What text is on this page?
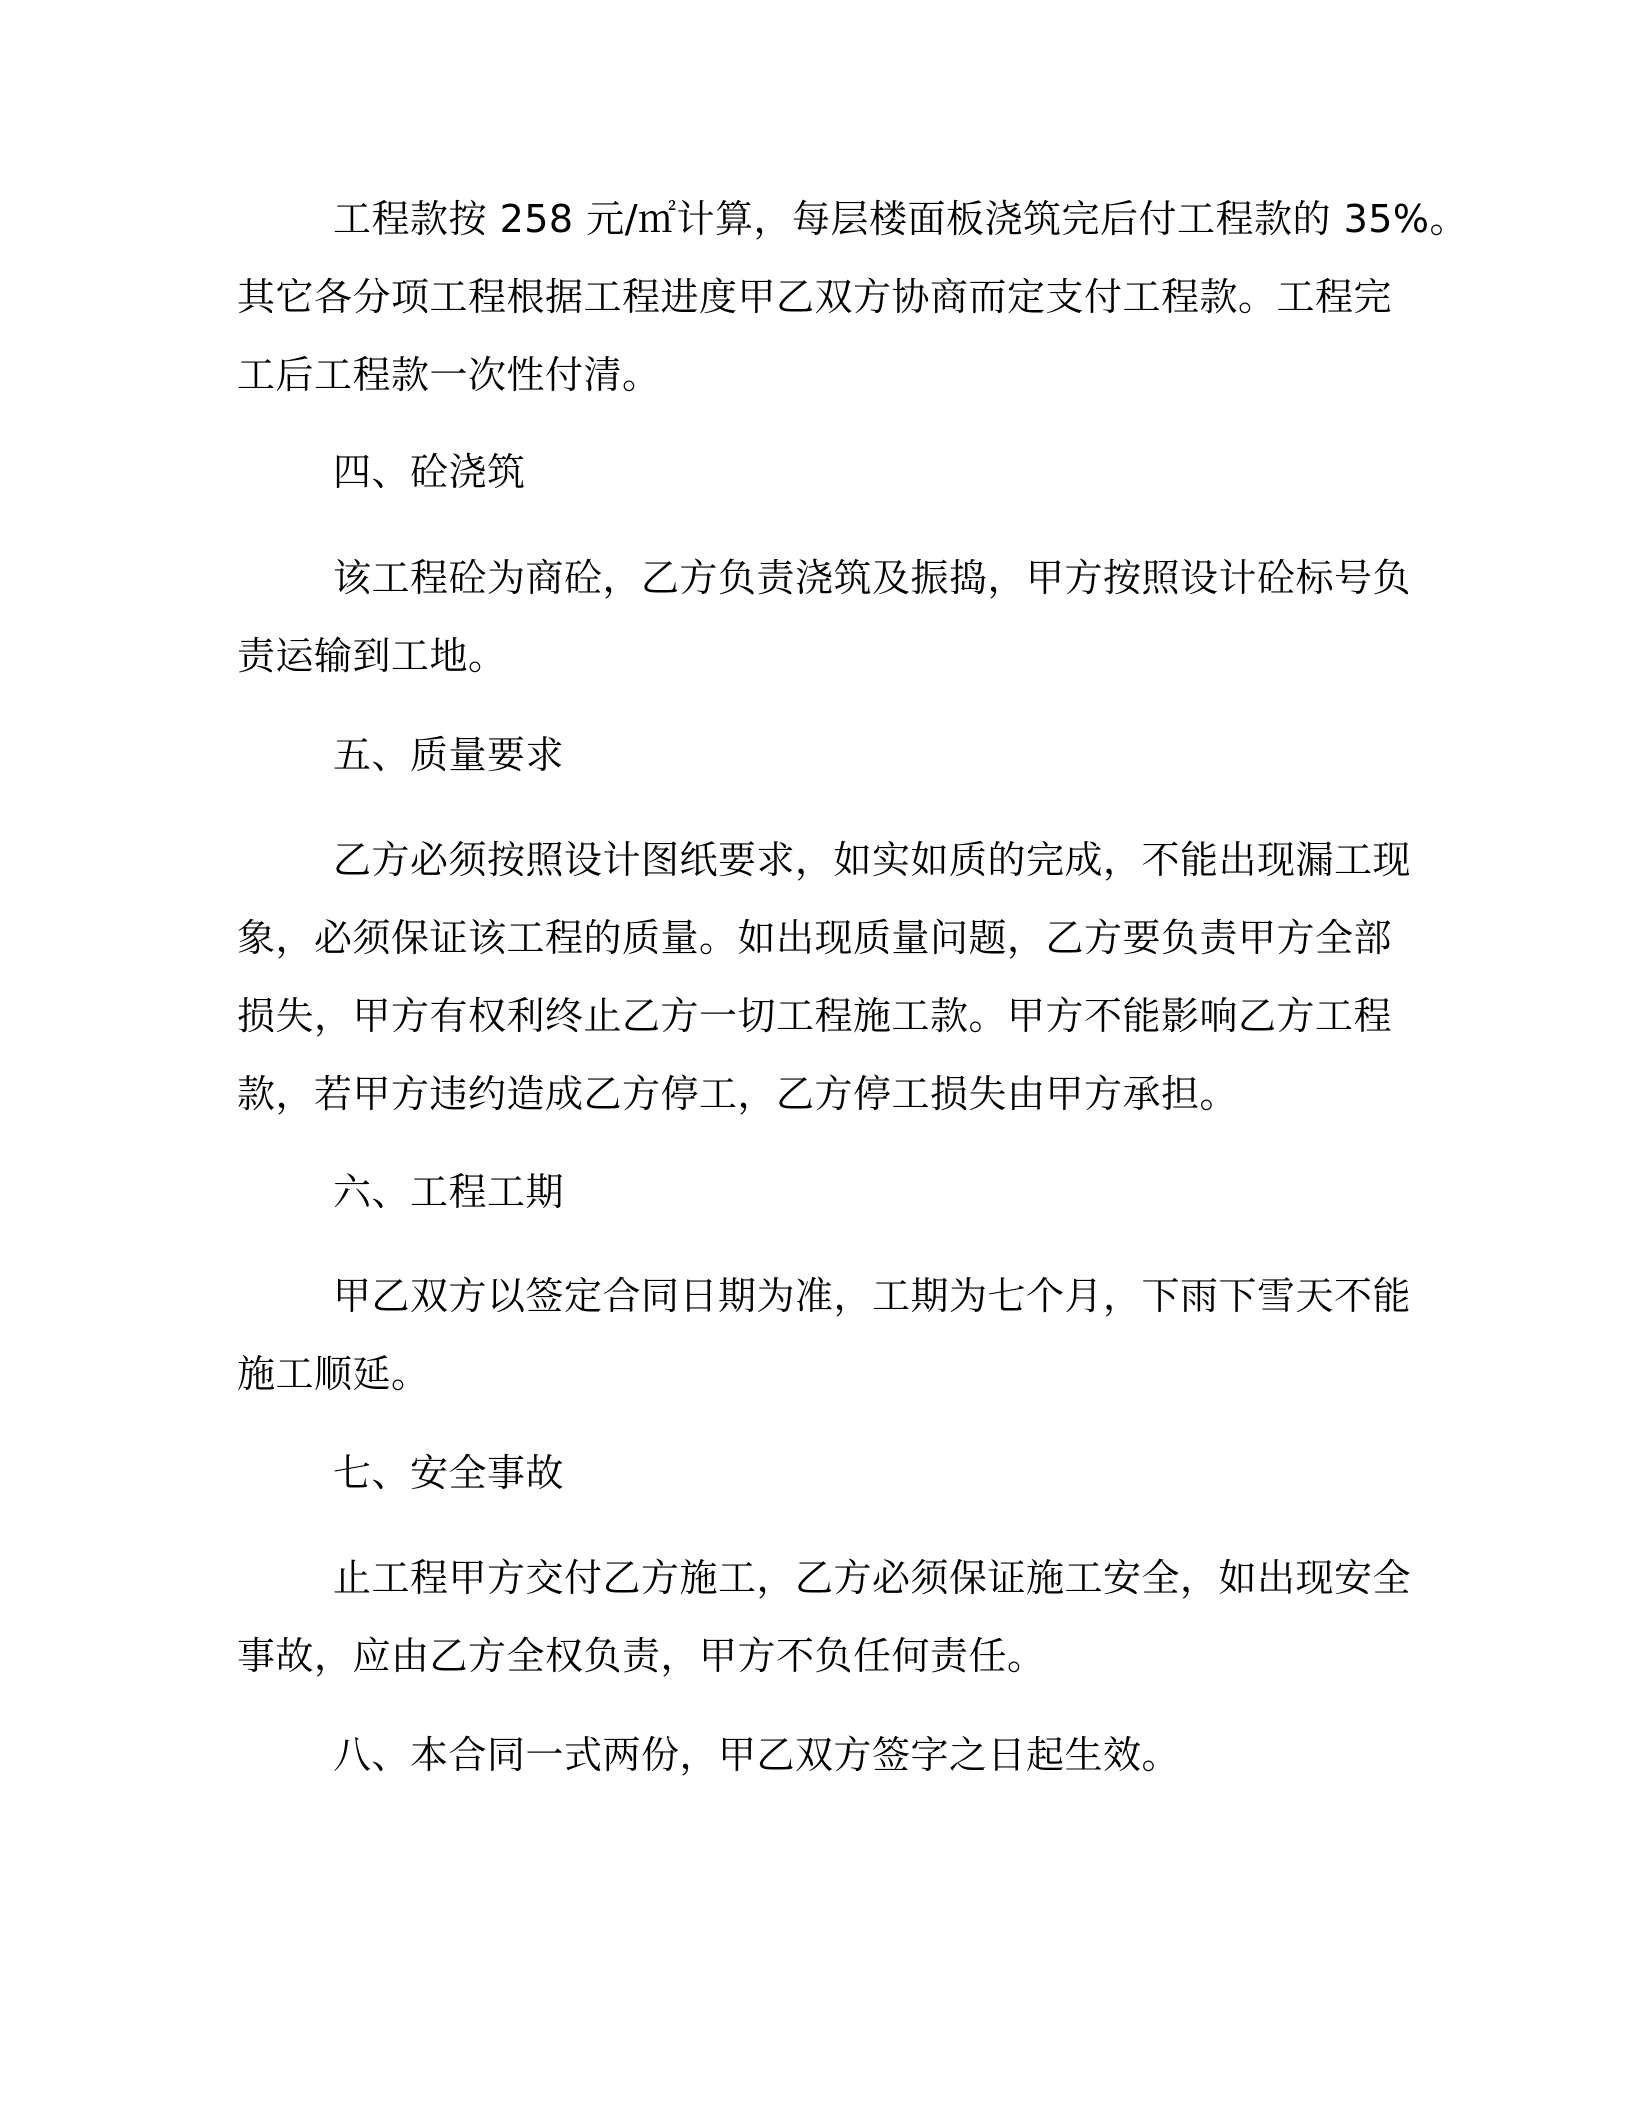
工程款按 258 元/㎡计算，每层楼面板浇筑完后付工程款的 35%。
其它各分项工程根据工程进度甲乙双方协商而定支付工程款。工程完
工后工程款一次性付清。
四、砼浇筑
该工程砼为商砼，乙方负责浇筑及振捣，甲方按照设计砼标号负
责运输到工地。
五、质量要求
乙方必须按照设计图纸要求，如实如质的完成，不能出现漏工现
象，必须保证该工程的质量。如出现质量问题，乙方要负责甲方全部
损失，甲方有权利终止乙方一切工程施工款。甲方不能影响乙方工程
款，若甲方违约造成乙方停工，乙方停工损失由甲方承担。
六、工程工期
甲乙双方以签定合同日期为准，工期为七个月，下雨下雪天不能
施工顺延。
七、安全事故
止工程甲方交付乙方施工，乙方必须保证施工安全，如出现安全
事故，应由乙方全权负责，甲方不负任何责任。
八、本合同一式两份，甲乙双方签字之日起生效。
